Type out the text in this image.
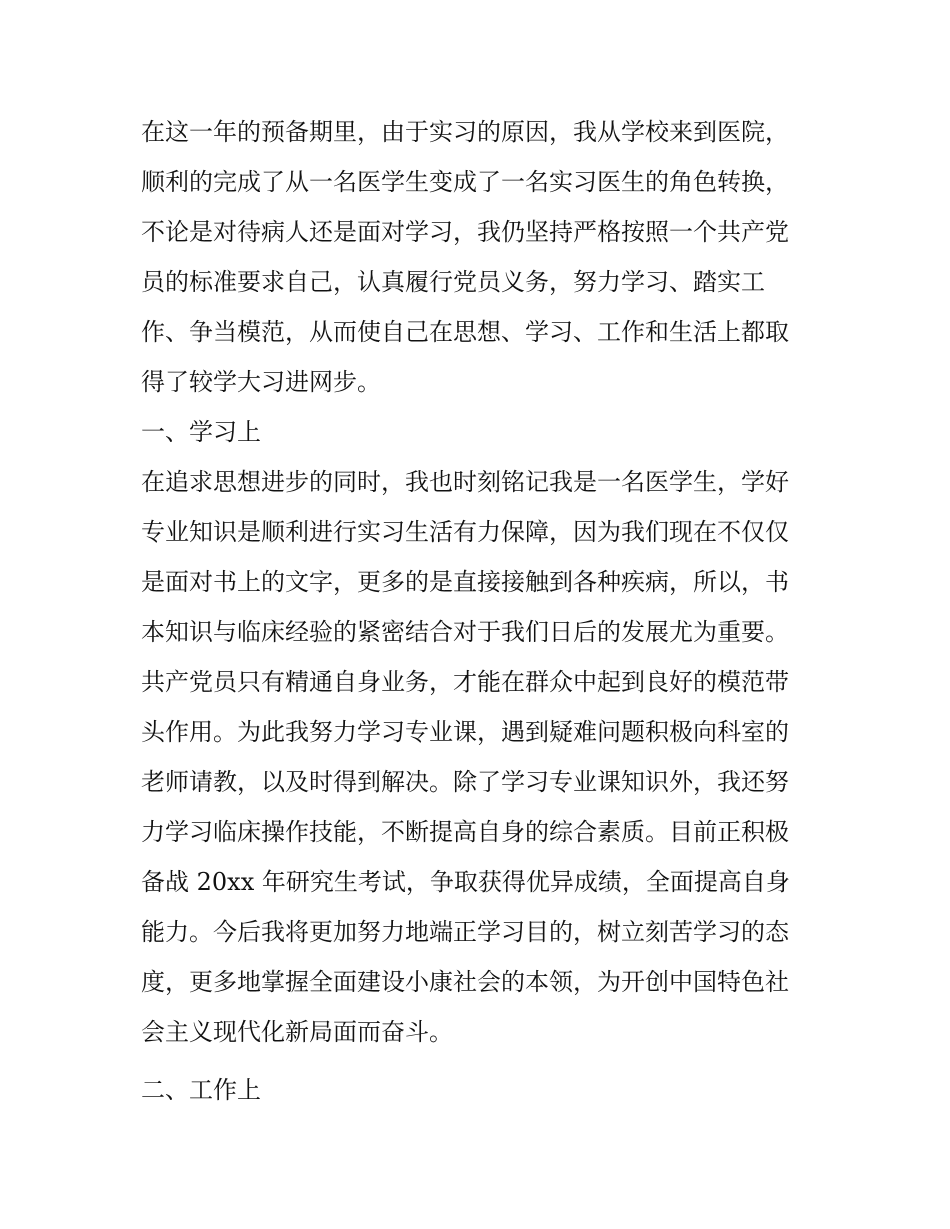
在这一年的预备期里，由于实习的原因，我从学校来到医院，
顺利的完成了从一名医学生变成了一名实习医生的角色转换，
不论是对待病人还是面对学习，我仍坚持严格按照一个共产党
员的标准要求自己，认真履行党员义务，努力学习、踏实工
作、争当模范，从而使自己在思想、学习、工作和生活上都取
得了较学大习进网步。
一、学习上
在追求思想进步的同时，我也时刻铭记我是一名医学生，学好
专业知识是顺利进行实习生活有力保障，因为我们现在不仅仅
是面对书上的文字，更多的是直接接触到各种疾病，所以，书
本知识与临床经验的紧密结合对于我们日后的发展尤为重要。
共产党员只有精通自身业务，才能在群众中起到良好的模范带
头作用。为此我努力学习专业课，遇到疑难问题积极向科室的
老师请教，以及时得到解决。除了学习专业课知识外，我还努
力学习临床操作技能，不断提高自身的综合素质。目前正积极
备战 20xx 年研究生考试，争取获得优异成绩，全面提高自身
能力。今后我将更加努力地端正学习目的，树立刻苦学习的态
度，更多地掌握全面建设小康社会的本领，为开创中国特色社
会主义现代化新局面而奋斗。
二、工作上
